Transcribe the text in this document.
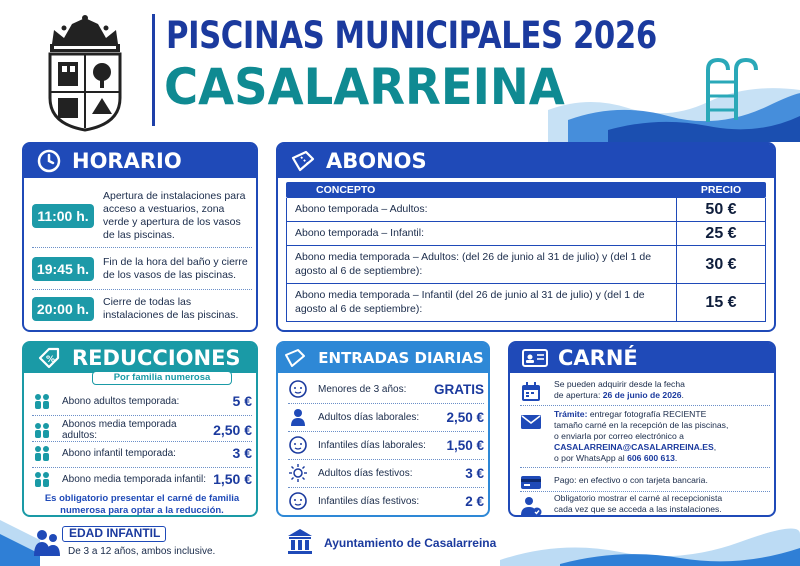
PISCINAS MUNICIPALES 2026
CASALARREINA
HORARIO
11:00 h.
Apertura de instalaciones para acceso a vestuarios, zona verde y apertura de los vasos de las piscinas.
19:45 h.	Fin de la hora del baño y cierre de los vasos de las piscinas.
20:00 h.	Cierre de todas las instalaciones de las piscinas.
ABONOS
CONCEPTO	PRECIO
Abono temporada – Adultos:	50 €
Abono temporada – Infantil:	25 €
Abono media temporada – Adultos: (del 26 de junio al 31 de julio) y (del 1 de agosto al 6 de septiembre):	30 €
Abono media temporada – Infantil (del 26 de junio al 31 de julio) y (del 1 de agosto al 6 de septiembre):	15 €
% REDUCCIONES
Por familia numerosa
Abono adultos temporada:	5 €
Abonos media temporada adultos:	2,50 €
Abono infantil temporada:	3 €
Abono media temporada infantil: 1,50 €
Es obligatorio presentar el carné de familia numerosa para optar a la reducción.
ENTRADAS DIARIAS
Menores de 3 años:	GRATIS
Adultos días laborales:	2,50 €
Infantiles días laborales:	1,50 €
Adultos días festivos:	3 €
Infantiles días festivos:	2 €
CARNÉ
Se pueden adquirir desde la fecha
de apertura: 26 de junio de 2026.
Trámite: entregar fotografía RECIENTE
tamaño carné en la recepción de las piscinas,
o enviarla por correo electrónico a
CASALARREINA@CASALARREINA.ES,
o por WhatsApp al 606 600 613.
Pago: en efectivo o con tarjeta bancaria.
Obligatorio mostrar el carné al recepcionista
cada vez que se acceda a las instalaciones.
EDAD INFANTIL
De 3 a 12 años, ambos inclusive.
Ayuntamiento de Casalarreina
